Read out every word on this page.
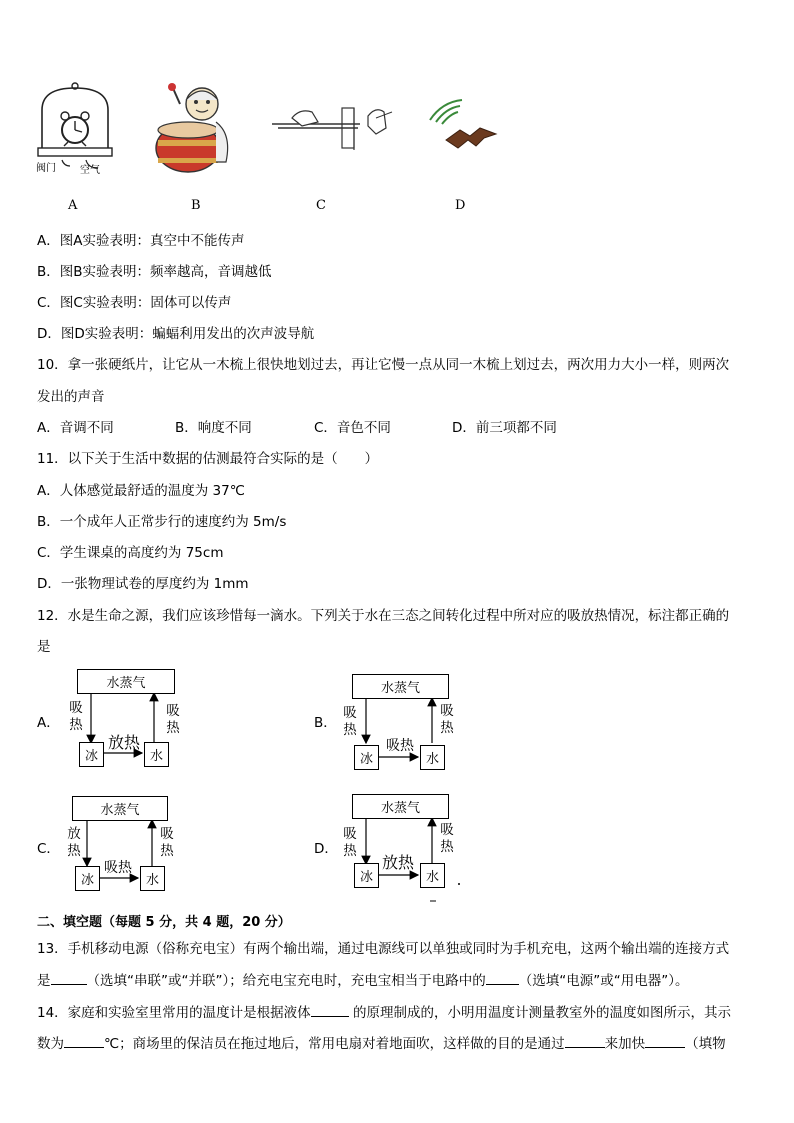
阀门 空气
A	B	C	D
A．图A实验表明：真空中不能传声
B．图B实验表明：频率越高，音调越低
C．图C实验表明：固体可以传声
D．图D实验表明：蝙蝠利用发出的次声波导航
10．拿一张硬纸片，让它从一木梳上很快地划过去，再让它慢一点从同一木梳上划过去，两次用力大小一样，则两次
发出的声音
A．音调不同	B．响度不同	C．音色不同	D．前三项都不同
11．以下关于生活中数据的估测最符合实际的是（　　）
A．人体感觉最舒适的温度为 37℃
B．一个成年人正常步行的速度约为 5m/s
C．学生课桌的高度约为 75cm
D．一张物理试卷的厚度约为 1mm
12．水是生命之源，我们应该珍惜每一滴水。下列关于水在三态之间转化过程中所对应的吸放热情况，标注都正确的
是
A．
水蒸气
冰	水
吸热
吸热
放热
B．
水蒸气
冰	水
吸热
吸热
吸热
C．
水蒸气
冰	水
放热
吸热
吸热
D．
水蒸气
冰	水
吸热
吸热
放热
二、填空题（每题 5 分，共 4 题，20 分）
13．手机移动电源（俗称充电宝）有两个输出端，通过电源线可以单独或同时为手机充电，这两个输出端的连接方式
是	（选填“串联”或“并联”）；给充电宝充电时，充电宝相当于电路中的 （选填“电源”或“用电器”）。
14．家庭和实验室里常用的温度计是根据液体	的原理制成的，小明用温度计测量教室外的温度如图所示，其示
数为	℃；商场里的保洁员在拖过地后，常用电扇对着地面吹，这样做的目的是通过	来加快	（填物
